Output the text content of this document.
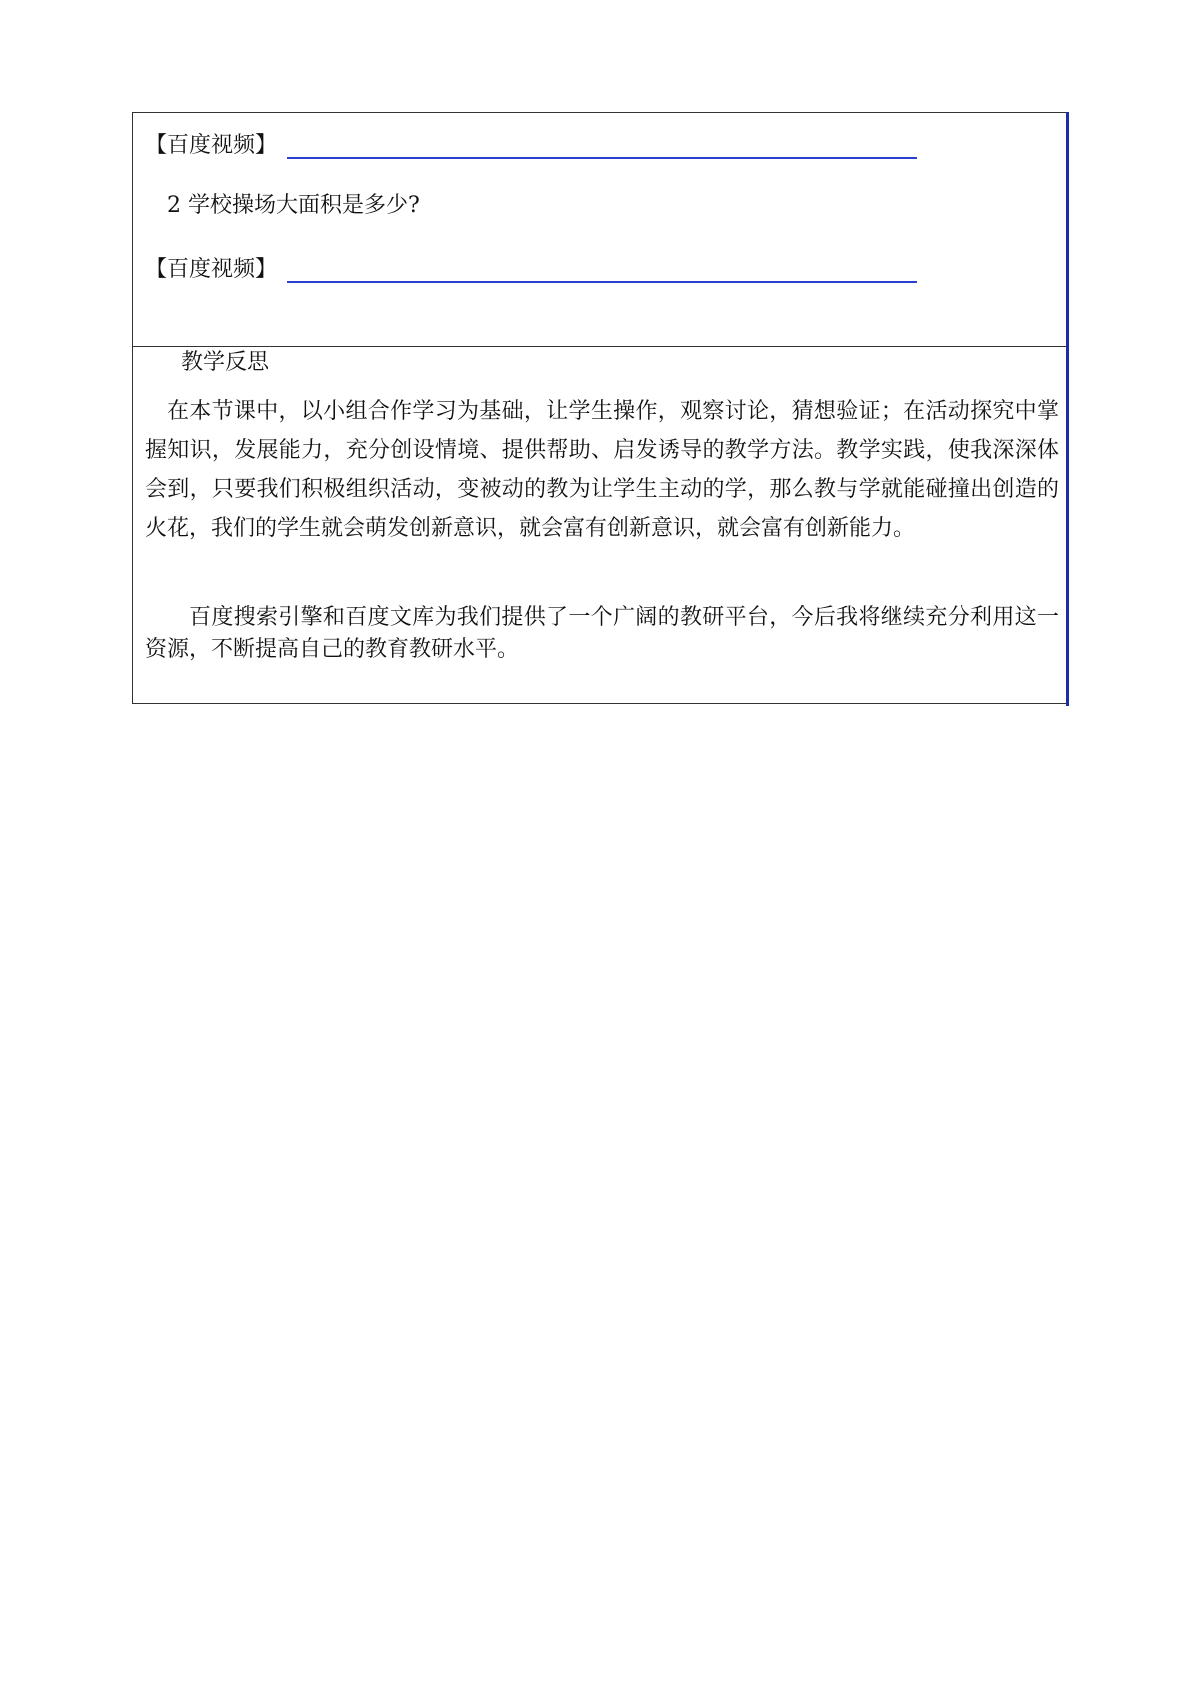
【百度视频】
2 学校操场大面积是多少?
【百度视频】
教学反思

在本节课中，以小组合作学习为基础，让学生操作，观察讨论，猜想验证；在活动探究中掌握知识，发展能力，充分创设情境、提供帮助、启发诱导的教学方法。教学实践，使我深深体会到，只要我们积极组织活动，变被动的教为让学生主动的学，那么教与学就能碰撞出创造的火花，我们的学生就会萌发创新意识，就会富有创新意识，就会富有创新能力。

百度搜索引擎和百度文库为我们提供了一个广阔的教研平台，今后我将继续充分利用这一资源，不断提高自己的教育教研水平。
